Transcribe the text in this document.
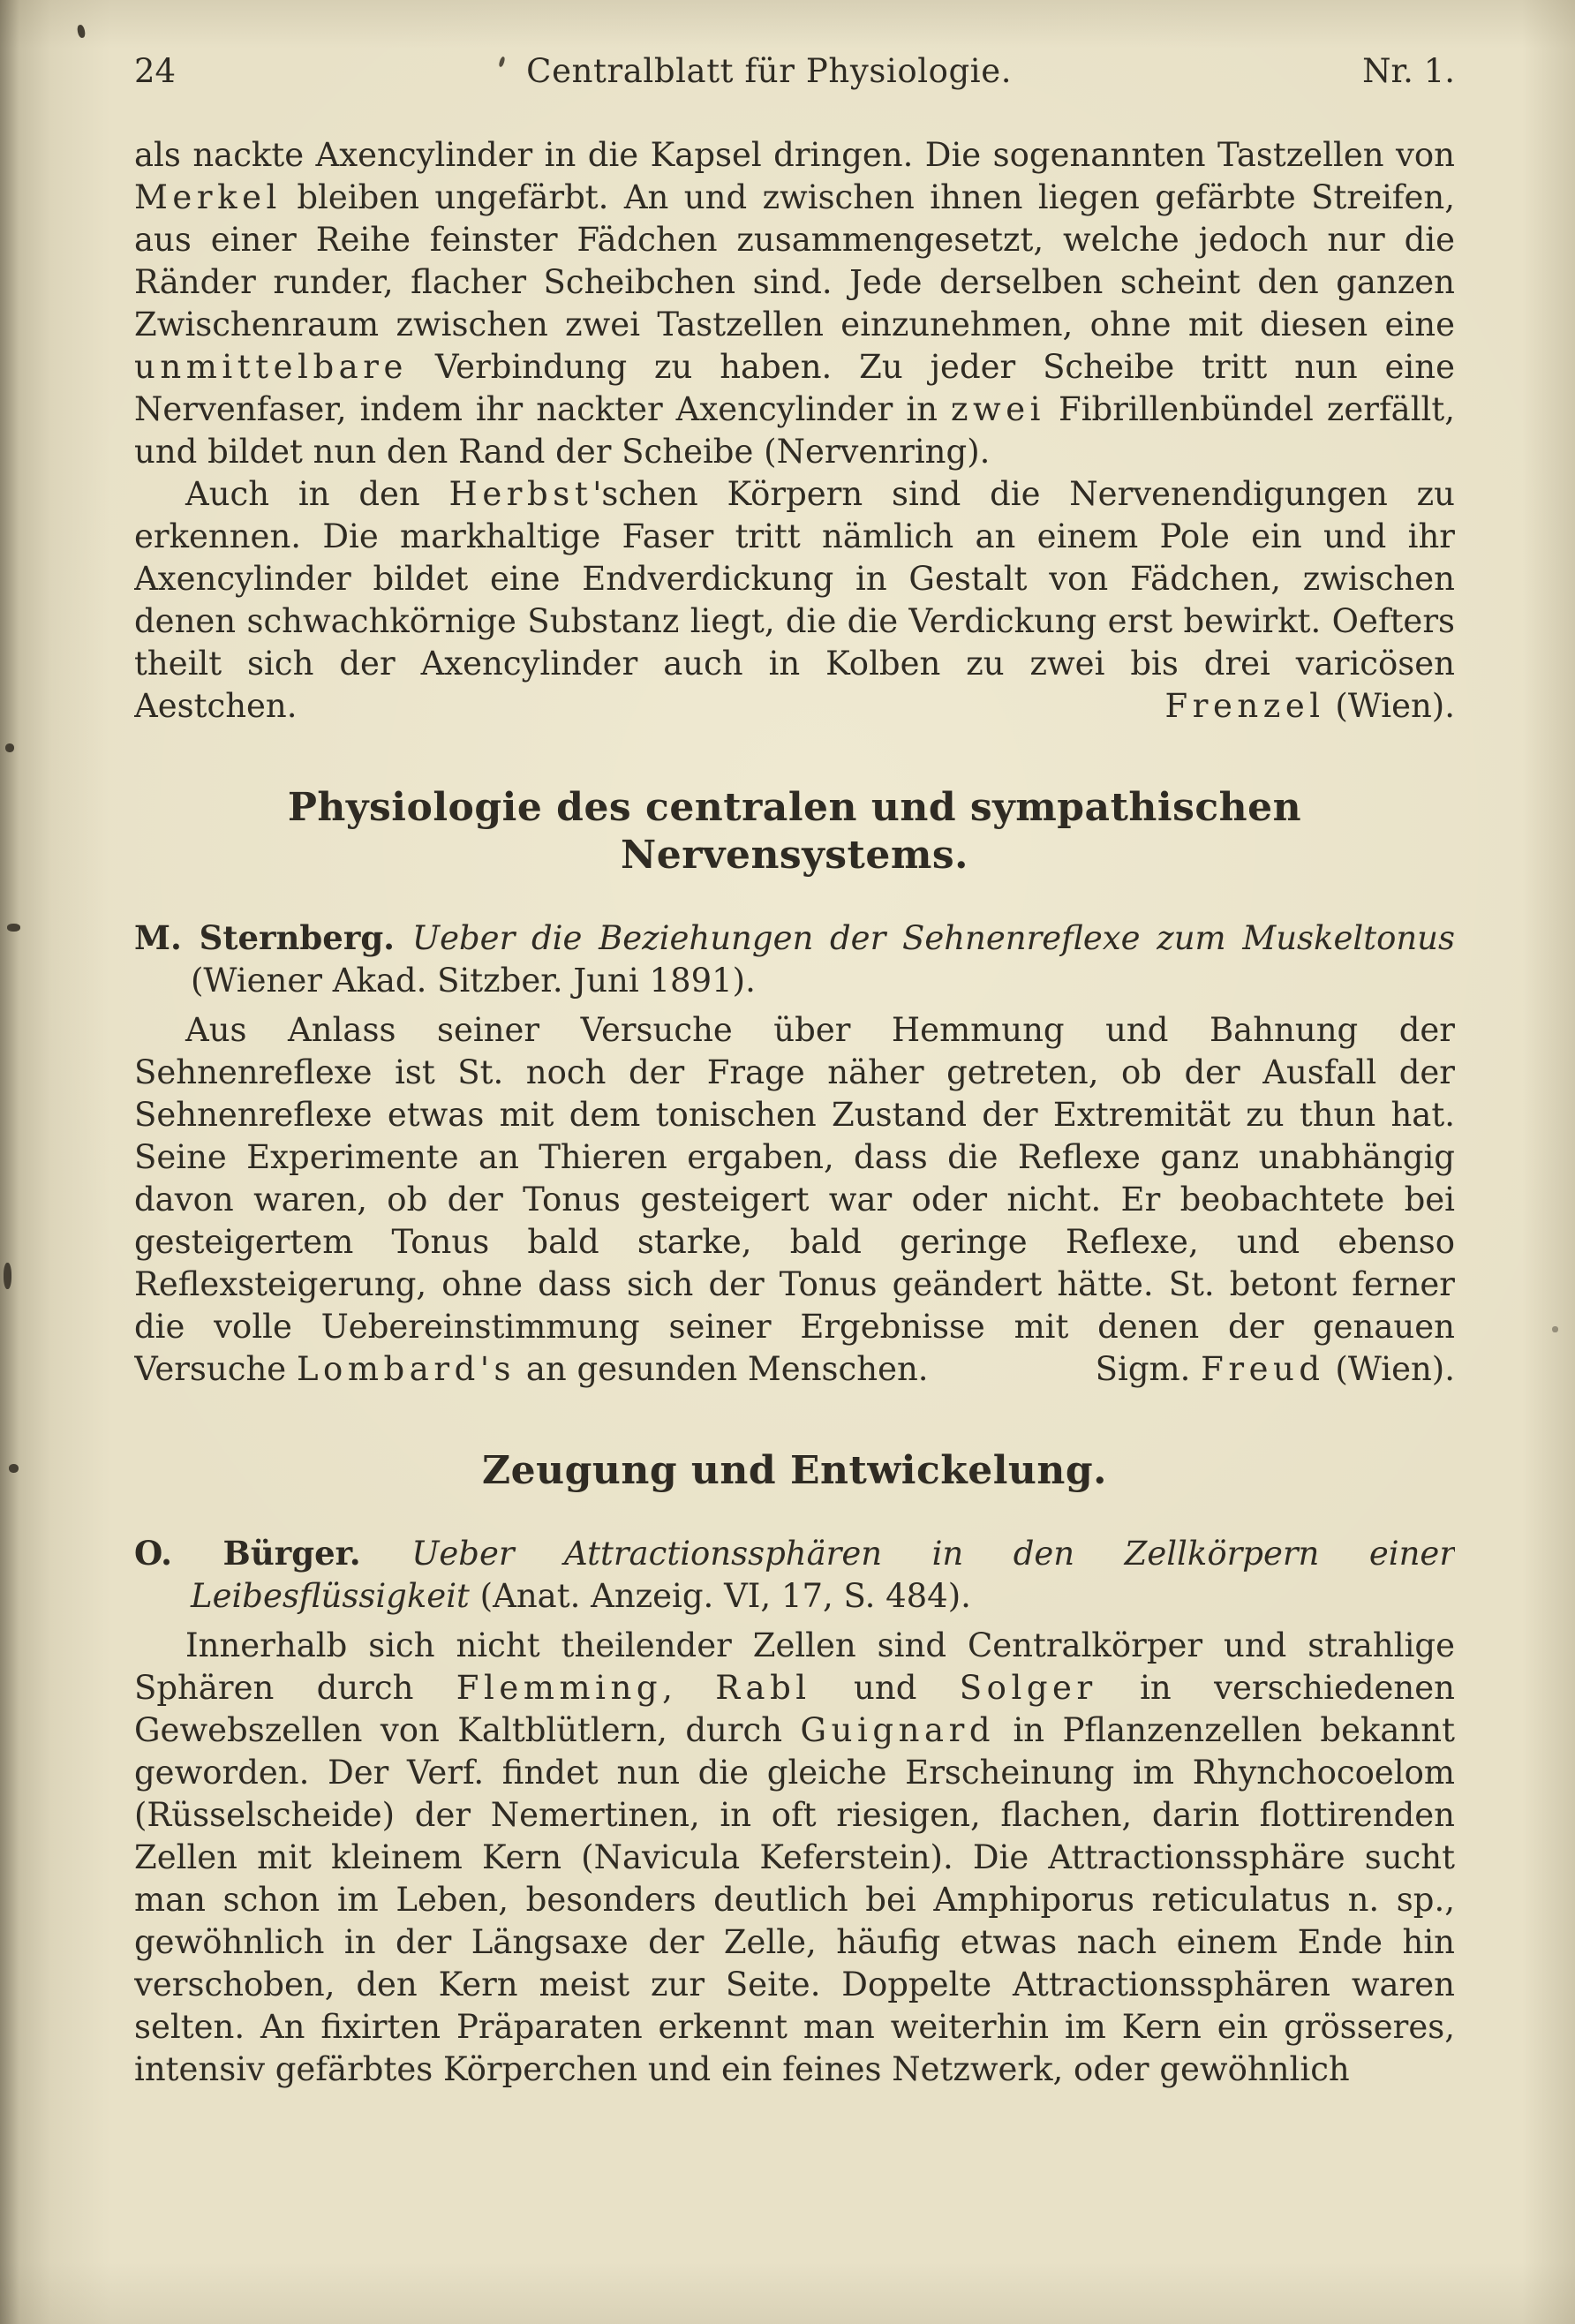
24	Centralblatt für Physiologie.	Nr. 1.

als nackte Axencylinder in die Kapsel dringen. Die sogenannten Tastzellen von Merkel bleiben ungefärbt. An und zwischen ihnen liegen gefärbte Streifen, aus einer Reihe feinster Fädchen zusammengesetzt, welche jedoch nur die Ränder runder, flacher Scheibchen sind. Jede derselben scheint den ganzen Zwischenraum zwischen zwei Tastzellen einzunehmen, ohne mit diesen eine unmittelbare Verbindung zu haben. Zu jeder Scheibe tritt nun eine Nervenfaser, indem ihr nackter Axencylinder in zwei Fibrillenbündel zerfällt, und bildet nun den Rand der Scheibe (Nervenring).

Auch in den Herbst'schen Körpern sind die Nervenendigungen zu erkennen. Die markhaltige Faser tritt nämlich an einem Pole ein und ihr Axencylinder bildet eine Endverdickung in Gestalt von Fädchen, zwischen denen schwachkörnige Substanz liegt, die die Verdickung erst bewirkt. Oefters theilt sich der Axencylinder auch in Kolben zu zwei bis drei varicösen Aestchen.	Frenzel (Wien).

Physiologie des centralen und sympathischen Nervensystems.

M. Sternberg. Ueber die Beziehungen der Sehnenreflexe zum Muskeltonus (Wiener Akad. Sitzber. Juni 1891).

Aus Anlass seiner Versuche über Hemmung und Bahnung der Sehnenreflexe ist St. noch der Frage näher getreten, ob der Ausfall der Sehnenreflexe etwas mit dem tonischen Zustand der Extremität zu thun hat. Seine Experimente an Thieren ergaben, dass die Reflexe ganz unabhängig davon waren, ob der Tonus gesteigert war oder nicht. Er beobachtete bei gesteigertem Tonus bald starke, bald geringe Reflexe, und ebenso Reflexsteigerung, ohne dass sich der Tonus geändert hätte. St. betont ferner die volle Uebereinstimmung seiner Ergebnisse mit denen der genauen Versuche Lombard's an gesunden Menschen.	Sigm. Freud (Wien).

Zeugung und Entwickelung.

O. Bürger. Ueber Attractionssphären in den Zellkörpern einer Leibesflüssigkeit (Anat. Anzeig. VI, 17, S. 484).

Innerhalb sich nicht theilender Zellen sind Centralkörper und strahlige Sphären durch Flemming, Rabl und Solger in verschiedenen Gewebszellen von Kaltblütlern, durch Guignard in Pflanzenzellen bekannt geworden. Der Verf. findet nun die gleiche Erscheinung im Rhynchocoelom (Rüsselscheide) der Nemertinen, in oft riesigen, flachen, darin flottirenden Zellen mit kleinem Kern (Navicula Keferstein). Die Attractionssphäre sucht man schon im Leben, besonders deutlich bei Amphiporus reticulatus n. sp., gewöhnlich in der Längsaxe der Zelle, häufig etwas nach einem Ende hin verschoben, den Kern meist zur Seite. Doppelte Attractionssphären waren selten. An fixirten Präparaten erkennt man weiterhin im Kern ein grösseres, intensiv gefärbtes Körperchen und ein feines Netzwerk, oder gewöhnlich
